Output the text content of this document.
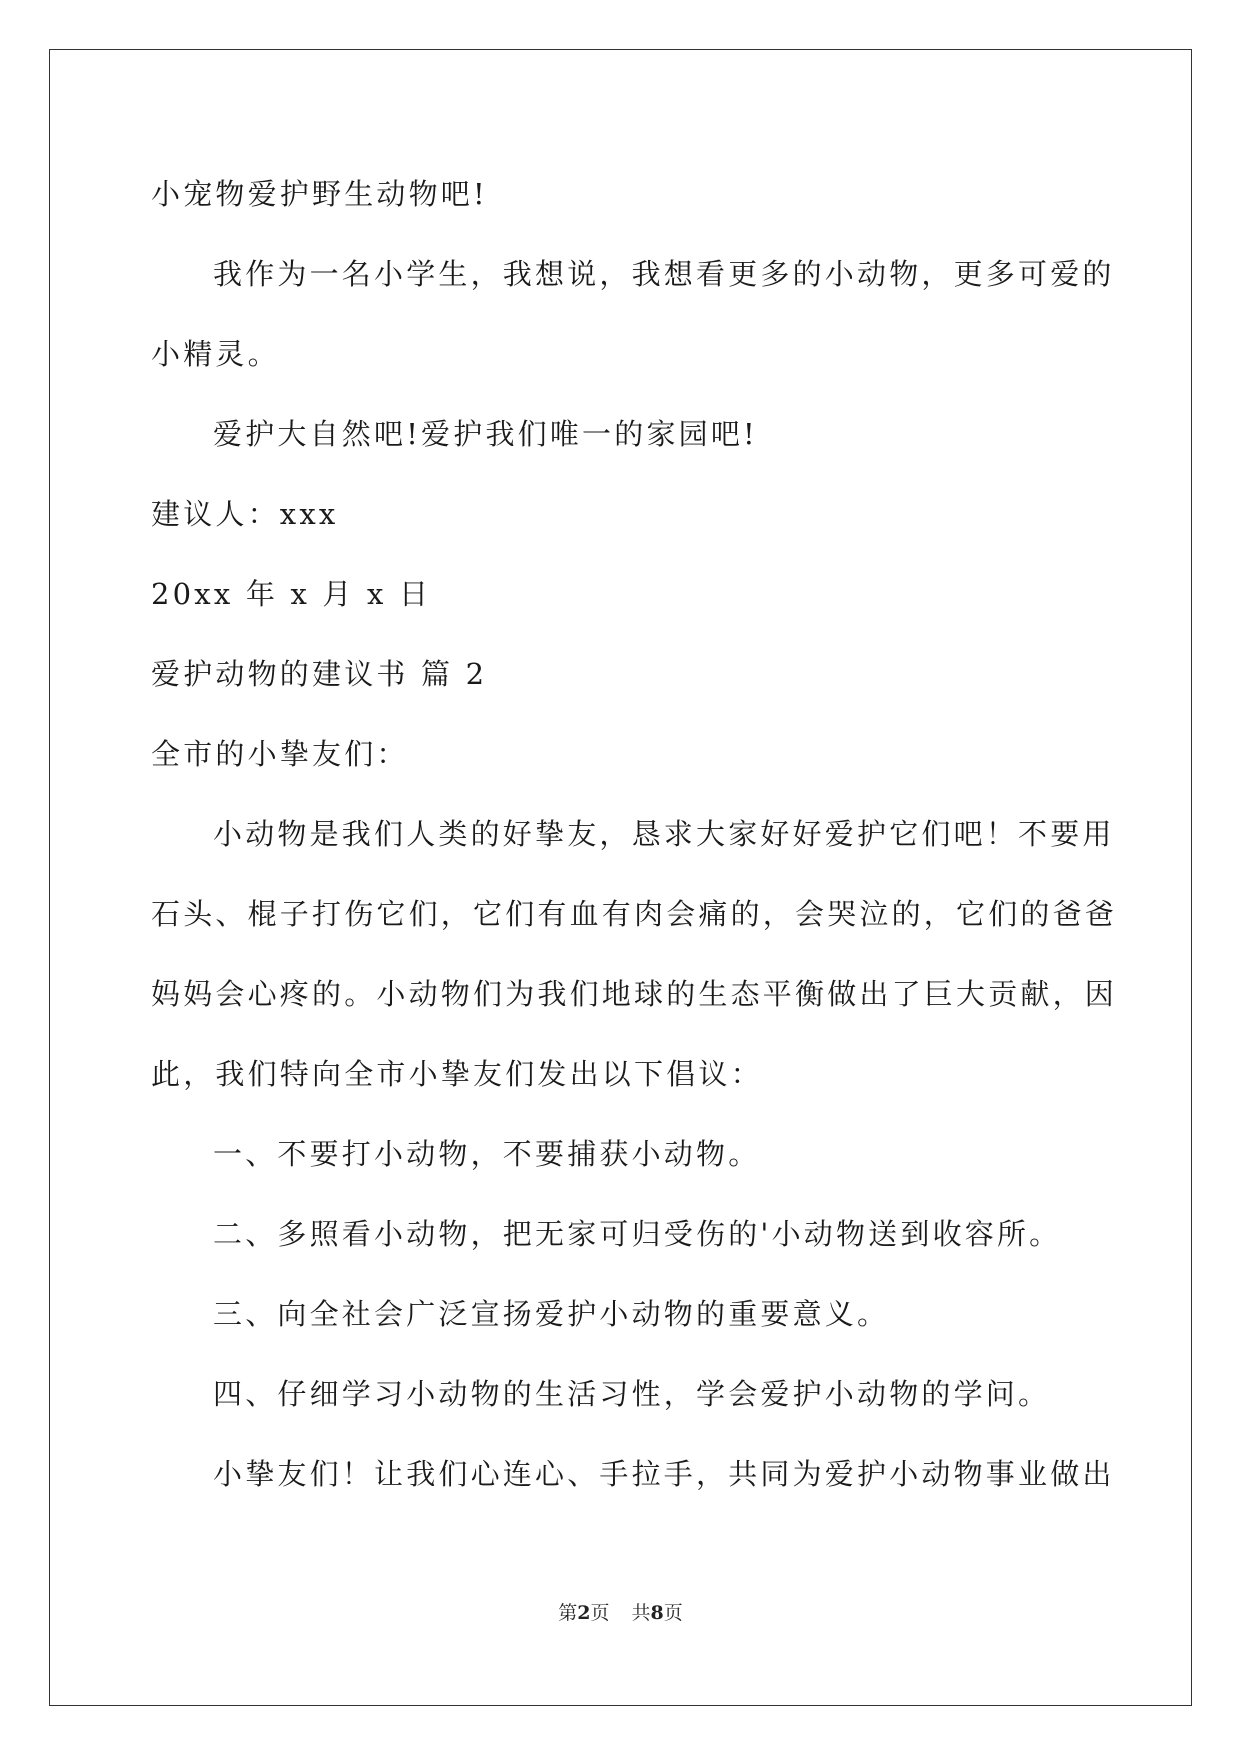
小宠物爱护野生动物吧!
我作为一名小学生，我想说，我想看更多的小动物，更多可爱的
小精灵。
爱护大自然吧!爱护我们唯一的家园吧!
建议人：xxx
20xx 年 x 月 x 日
爱护动物的建议书 篇 2
全市的小挚友们：
小动物是我们人类的好挚友，恳求大家好好爱护它们吧！不要用
石头、棍子打伤它们，它们有血有肉会痛的，会哭泣的，它们的爸爸
妈妈会心疼的。小动物们为我们地球的生态平衡做出了巨大贡献，因
此，我们特向全市小挚友们发出以下倡议：
一、不要打小动物，不要捕获小动物。
二、多照看小动物，把无家可归受伤的'小动物送到收容所。
三、向全社会广泛宣扬爱护小动物的重要意义。
四、仔细学习小动物的生活习性，学会爱护小动物的学问。
小挚友们！让我们心连心、手拉手，共同为爱护小动物事业做出
第2页 共8页
